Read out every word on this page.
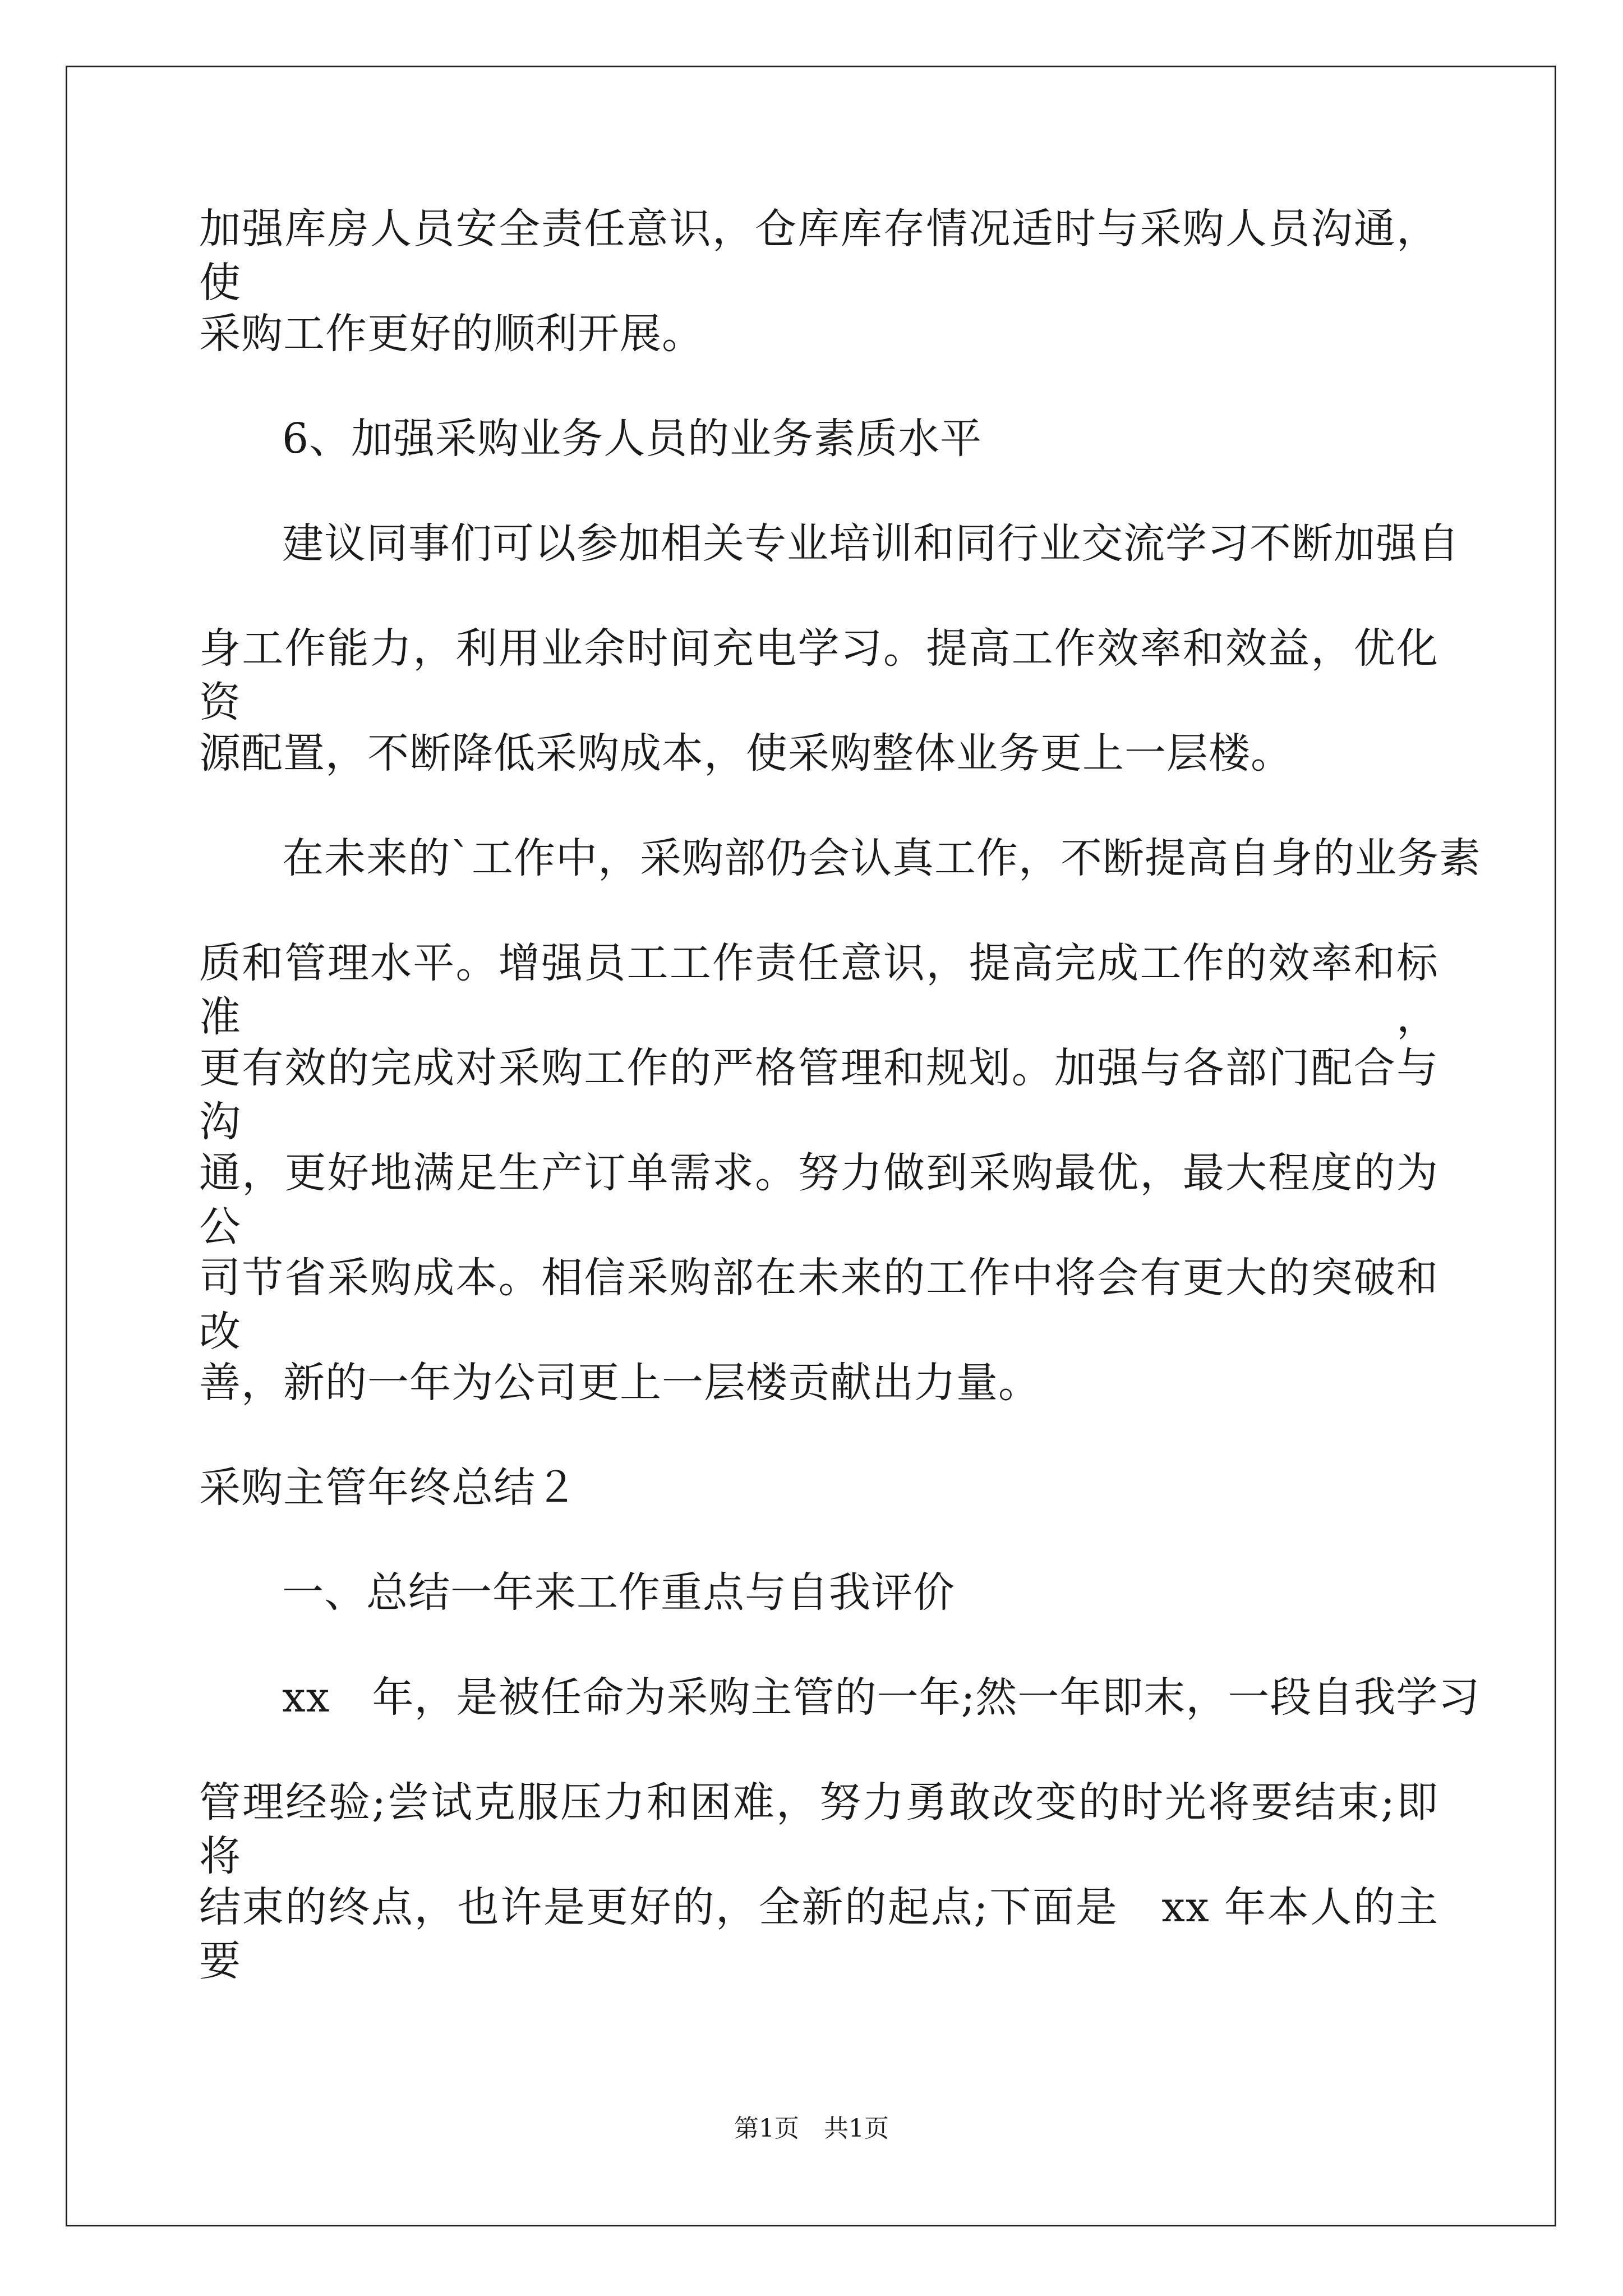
加强库房人员安全责任意识，仓库库存情况适时与采购人员沟通，使
采购工作更好的顺利开展。
6、加强采购业务人员的业务素质水平
建议同事们可以参加相关专业培训和同行业交流学习不断加强自
身工作能力，利用业余时间充电学习。提高工作效率和效益，优化资
源配置，不断降低采购成本，使采购整体业务更上一层楼。
在未来的`工作中，采购部仍会认真工作，不断提高自身的业务素
质和管理水平。增强员工工作责任意识，提高完成工作的效率和标准，
更有效的完成对采购工作的严格管理和规划。加强与各部门配合与沟
通，更好地满足生产订单需求。努力做到采购最优，最大程度的为公
司节省采购成本。相信采购部在未来的工作中将会有更大的突破和改
善，新的一年为公司更上一层楼贡献出力量。
采购主管年终总结２
一、总结一年来工作重点与自我评价
xx　年，是被任命为采购主管的一年;然一年即末，一段自我学习
管理经验;尝试克服压力和困难，努力勇敢改变的时光将要结束;即将
结束的终点，也许是更好的，全新的起点;下面是　xx 年本人的主要
第1页　共1页
